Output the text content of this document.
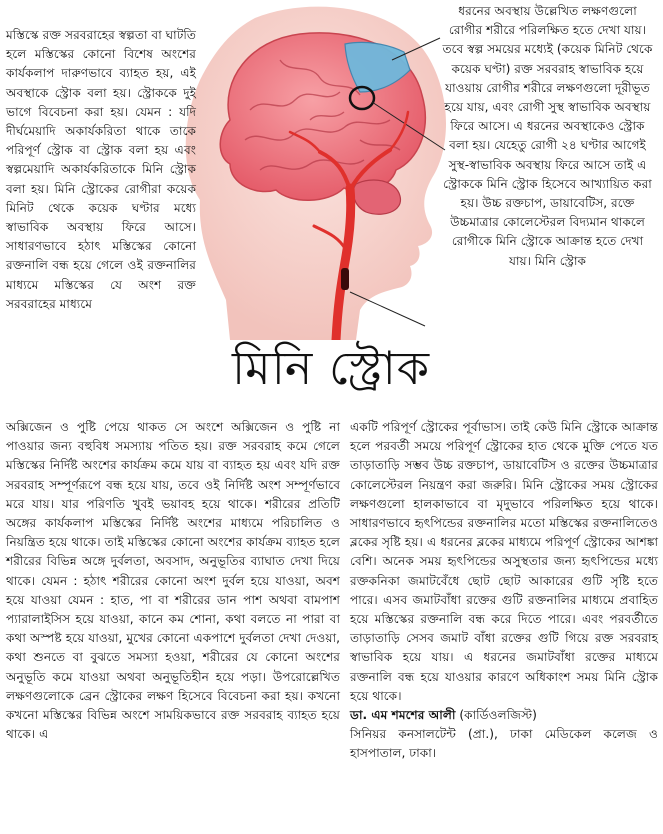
মস্তিস্কে রক্ত সরবরাহের স্বল্পতা বা ঘাটতি হলে মস্তিস্কের কোনো বিশেষ অংশের কার্যকলাপ দারুণভাবে ব্যাহত হয়, এই অবস্থাকে স্ট্রোক বলা হয়। স্ট্রোককে দুই ভাগে বিবেচনা করা হয়। যেমন : যদি দীর্ঘমেয়াদি অকার্যকরিতা থাকে তাকে পরিপূর্ণ স্ট্রোক বা স্ট্রোক বলা হয় এবং স্বল্পমেয়াদি অকার্যকরিতাকে মিনি স্ট্রোক বলা হয়। মিনি স্ট্রোকের রোগীরা কয়েক মিনিট থেকে কয়েক ঘণ্টার মধ্যে স্বাভাবিক অবস্থায় ফিরে আসে। সাধারণভাবে হঠাৎ মস্তিস্কের কোনো রক্তনালি বন্ধ হয়ে গেলে ওই রক্তনালির মাধ্যমে মস্তিস্কের যে অংশ রক্ত সরবরাহের মাধ্যমে

ধরনের অবস্থায় উল্লেখিত লক্ষণগুলো রোগীর শরীরে পরিলক্ষিত হতে দেখা যায়। তবে স্বল্প সময়ের মধ্যেই (কয়েক মিনিট থেকে কয়েক ঘণ্টা) রক্ত সরবরাহ স্বাভাবিক হয়ে যাওয়ায় রোগীর শরীরে লক্ষণগুলো দূরীভূত হয়ে যায়, এবং রোগী সুস্থ স্বাভাবিক অবস্থায় ফিরে আসে। এ ধরনের অবস্থাকেও স্ট্রোক বলা হয়। যেহেতু রোগী ২৪ ঘণ্টার আগেই সুস্থ-স্বাভাবিক অবস্থায় ফিরে আসে তাই এ স্ট্রোককে মিনি স্ট্রোক হিসেবে আখ্যায়িত করা হয়। উচ্চ রক্তচাপ, ডায়াবেটিস, রক্তে উচ্চমাত্রার কোলেস্টেরল বিদ্যমান থাকলে রোগীকে মিনি স্ট্রোকে আক্রান্ত হতে দেখা যায়। মিনি স্ট্রোক

মিনি স্ট্রোক

অক্সিজেন ও পুষ্টি পেয়ে থাকত সে অংশে অক্সিজেন ও পুষ্টি না পাওয়ার জন্য বহুবিধ সমস্যায় পতিত হয়। রক্ত সরবরাহ কমে গেলে মস্তিস্কের নির্দিষ্ট অংশের কার্যক্রম কমে যায় বা ব্যাহত হয় এবং যদি রক্ত সরবরাহ সম্পূর্ণরূপে বন্ধ হয়ে যায়, তবে ওই নির্দিষ্ট অংশ সম্পূর্ণভাবে মরে যায়। যার পরিণতি খুবই ভয়াবহ হয়ে থাকে। শরীরের প্রতিটি অঙ্গের কার্যকলাপ মস্তিস্কের নির্দিষ্ট অংশের মাধ্যমে পরিচালিত ও নিয়ন্ত্রিত হয়ে থাকে। তাই মস্তিস্কের কোনো অংশের কার্যক্রম ব্যাহত হলে শরীরের বিভিন্ন অঙ্গে দুর্বলতা, অবসাদ, অনুভূতির ব্যাঘাত দেখা দিয়ে থাকে। যেমন : হঠাৎ শরীরের কোনো অংশ দুর্বল হয়ে যাওয়া, অবশ হয়ে যাওয়া যেমন : হাত, পা বা শরীরের ডান পাশ অথবা বামপাশ প্যারালাইসিস হয়ে যাওয়া, কানে কম শোনা, কথা বলতে না পারা বা কথা অস্পষ্ট হয়ে যাওয়া, মুখের কোনো একপাশে দুর্বলতা দেখা দেওয়া, কথা শুনতে বা বুঝতে সমস্যা হওয়া, শরীরের যে কোনো অংশের অনুভূতি কমে যাওয়া অথবা অনুভূতিহীন হয়ে পড়া। উপরোল্লেখিত লক্ষণগুলোকে ব্রেন স্ট্রোকের লক্ষণ হিসেবে বিবেচনা করা হয়। কখনো কখনো মস্তিস্কের বিভিন্ন অংশে সাময়িকভাবে রক্ত সরবরাহ ব্যাহত হয়ে থাকে। এ

একটি পরিপূর্ণ স্ট্রোকের পূর্বাভাস। তাই কেউ মিনি স্ট্রোকে আক্রান্ত হলে পরবর্তী সময়ে পরিপূর্ণ স্ট্রোকের হাত থেকে মুক্তি পেতে যত তাড়াতাড়ি সম্ভব উচ্চ রক্তচাপ, ডায়াবেটিস ও রক্তের উচ্চমাত্রার কোলেস্টেরল নিয়ন্ত্রণ করা জরুরি। মিনি স্ট্রোকের সময় স্ট্রোকের লক্ষণগুলো হালকাভাবে বা মৃদুভাবে পরিলক্ষিত হয়ে থাকে। সাধারণভাবে হৃৎপিন্ডের রক্তনালির মতো মস্তিস্কের রক্তনালিতেও ব্লকের সৃষ্টি হয়। এ ধরনের ব্লকের মাধ্যমে পরিপূর্ণ স্ট্রোকের আশঙ্কা বেশি। অনেক সময় হৃৎপিন্ডের অসুস্থতার জন্য হৃৎপিন্ডের মধ্যে রক্তকনিকা জমাটবেঁধে ছোট ছোট আকারের গুটি সৃষ্টি হতে পারে। এসব জমাটবাঁধা রক্তের গুটি রক্তনালির মাধ্যমে প্রবাহিত হয়ে মস্তিস্কের রক্তনালি বন্ধ করে দিতে পারে। এবং পরবর্তীতে তাড়াতাড়ি সেসব জমাট বাঁধা রক্তের গুটি গিয়ে রক্ত সরবরাহ স্বাভাবিক হয়ে যায়। এ ধরনের জমাটবাঁধা রক্তের মাধ্যমে রক্তনালি বন্ধ হয়ে যাওয়ার কারণে অধিকাংশ সময় মিনি স্ট্রোক হয়ে থাকে।

ডা. এম শমশের আলী (কার্ডিওলজিস্ট)

সিনিয়র কনসালটেন্ট (প্রা.), ঢাকা মেডিকেল কলেজ ও হাসপাতাল, ঢাকা।
